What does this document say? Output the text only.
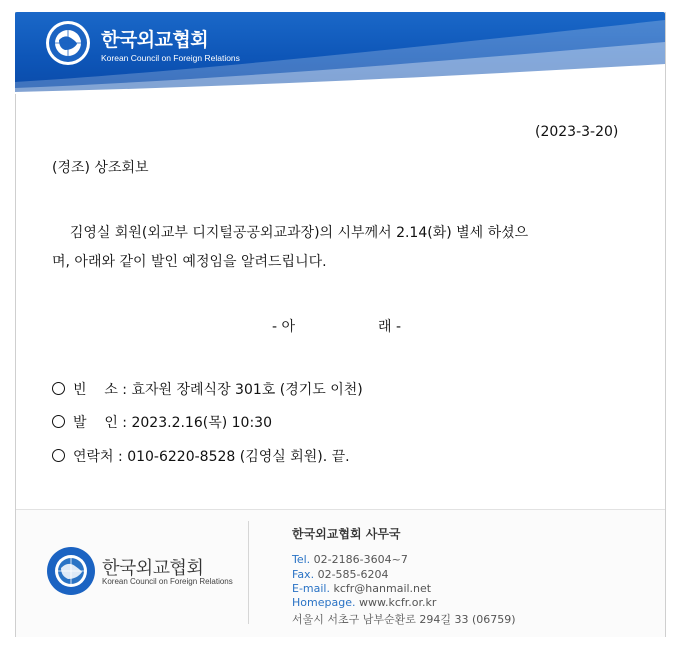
한국외교협회
Korean Council on Foreign Relations
(2023-3-20)
(경조) 상조회보
김영실 회원(외교부 디지털공공외교과장)의 시부께서 2.14(화) 별세 하셨으
며, 아래와 같이 발인 예정임을 알려드립니다.
- 아	래 -
빈    소 : 효자원 장례식장 301호 (경기도 이천)
발    인 : 2023.2.16(목) 10:30
연락처 : 010-6220-8528 (김영실 회원). 끝.
한국외교협회
Korean Council on Foreign Relations
한국외교협회 사무국
Tel. 02-2186-3604~7
Fax. 02-585-6204
E-mail. kcfr@hanmail.net
Homepage. www.kcfr.or.kr
서울시 서초구 남부순환로 294길 33 (06759)
